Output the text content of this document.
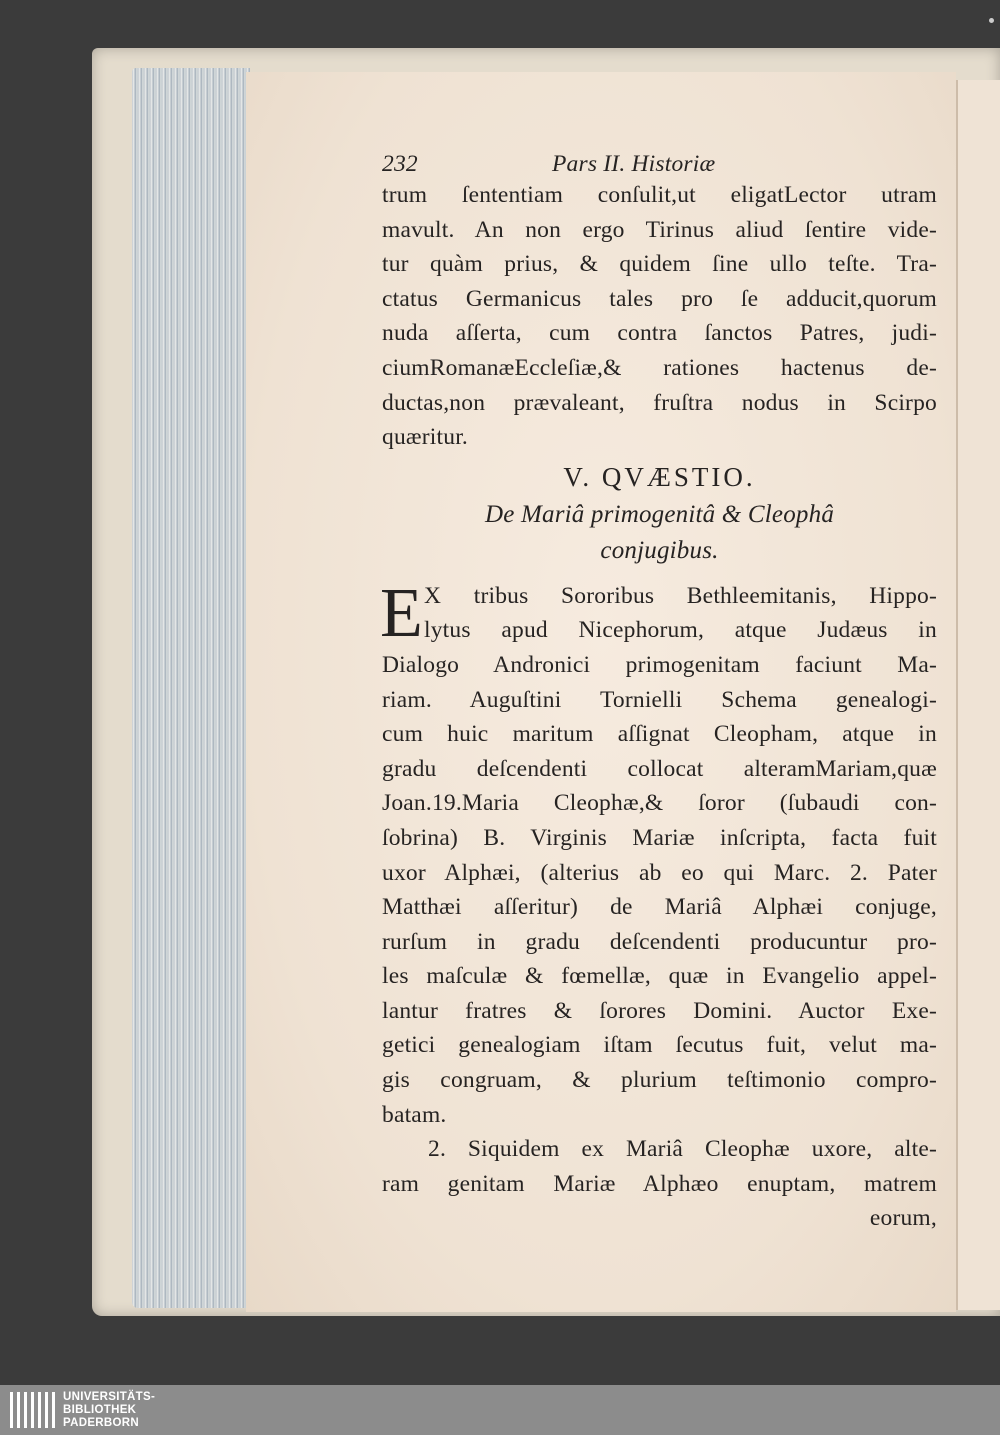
232	Pars II. Historiæ
trum ſententiam conſulit,ut eligatLector utram
mavult. An non ergo Tirinus aliud ſentire vide-
tur quàm prius, & quidem ſine ullo teſte. Tra-
ctatus Germanicus tales pro ſe adducit,quorum
nuda aſſerta, cum contra ſanctos Patres, judi-
ciumRomanæEccleſiæ,& rationes hactenus de-
ductas,non prævaleant, fruſtra nodus in Scirpo
quæritur.
V. QVÆSTIO.
De Mariâ primogenitâ & Cleophâ
conjugibus.
E X tribus Sororibus Bethleemitanis, Hippo-
lytus apud Nicephorum, atque Judæus in
Dialogo Andronici primogenitam faciunt Ma-
riam. Auguſtini Tornielli Schema genealogi-
cum huic maritum aſſignat Cleopham, atque in
gradu deſcendenti collocat alteramMariam,quæ
Joan.19.Maria Cleophæ,& ſoror (ſubaudi con-
ſobrina) B. Virginis Mariæ inſcripta, facta fuit
uxor Alphæi, (alterius ab eo qui Marc. 2. Pater
Matthæi aſſeritur) de Mariâ Alphæi conjuge,
rurſum in gradu deſcendenti producuntur pro-
les maſculæ & fœmellæ, quæ in Evangelio appel-
lantur fratres & ſorores Domini. Auctor Exe-
getici genealogiam iſtam ſecutus fuit, velut ma-
gis congruam, & plurium teſtimonio compro-
batam.
2. Siquidem ex Mariâ Cleophæ uxore, alte-
ram genitam Mariæ Alphæo enuptam, matrem
eorum,
UNIVERSITÄTS-
BIBLIOTHEK
PADERBORN
